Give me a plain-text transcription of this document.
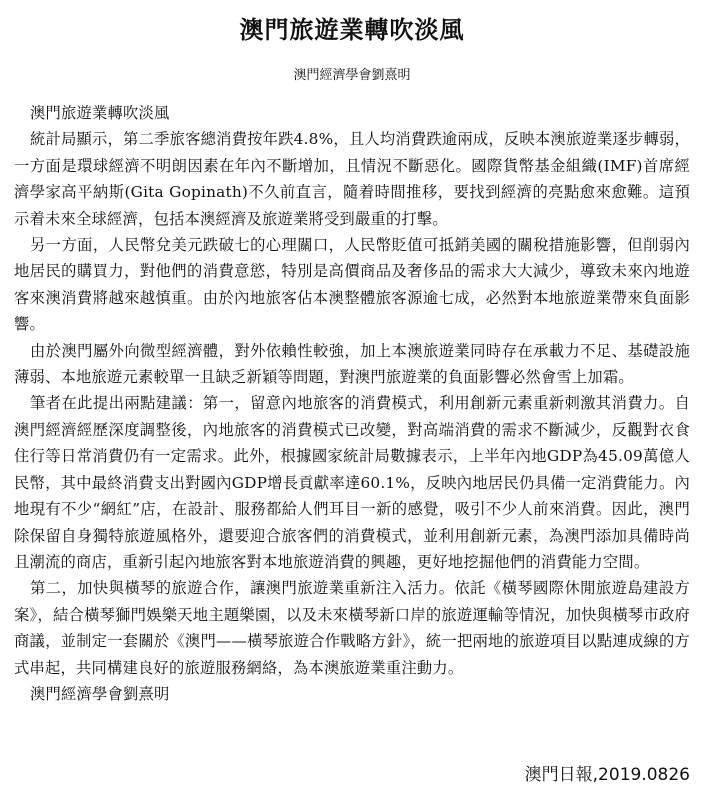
澳門旅遊業轉吹淡風
澳門經濟學會劉熹明

澳門旅遊業轉吹淡風

統計局顯示，第二季旅客總消費按年跌4.8%，且人均消費跌逾兩成，反映本澳旅遊業逐步轉弱，一方面是環球經濟不明朗因素在年內不斷增加，且情況不斷惡化。國際貨幣基金組織(IMF)首席經濟學家高平納斯(Gita Gopinath)不久前直言，隨着時間推移，要找到經濟的亮點愈來愈難。這預示着未來全球經濟，包括本澳經濟及旅遊業將受到嚴重的打擊。

另一方面，人民幣兌美元跌破七的心理關口，人民幣貶值可抵銷美國的關稅措施影響，但削弱內地居民的購買力，對他們的消費意慾，特別是高價商品及奢侈品的需求大大減少，導致未來內地遊客來澳消費將越來越慎重。由於內地旅客佔本澳整體旅客源逾七成，必然對本地旅遊業帶來負面影響。

由於澳門屬外向微型經濟體，對外依賴性較強，加上本澳旅遊業同時存在承載力不足、基礎設施薄弱、本地旅遊元素較單一且缺乏新穎等問題，對澳門旅遊業的負面影響必然會雪上加霜。

筆者在此提出兩點建議：第一，留意內地旅客的消費模式，利用創新元素重新刺激其消費力。自澳門經濟經歷深度調整後，內地旅客的消費模式已改變，對高端消費的需求不斷減少，反觀對衣食住行等日常消費仍有一定需求。此外，根據國家統計局數據表示，上半年內地GDP為45.09萬億人民幣，其中最終消費支出對國內GDP增長貢獻率達60.1%，反映內地居民仍具備一定消費能力。內地現有不少“網紅”店，在設計、服務都給人們耳目一新的感覺，吸引不少人前來消費。因此，澳門除保留自身獨特旅遊風格外，還要迎合旅客們的消費模式，並利用創新元素，為澳門添加具備時尚且潮流的商店，重新引起內地旅客對本地旅遊消費的興趣，更好地挖掘他們的消費能力空間。

第二，加快與橫琴的旅遊合作，讓澳門旅遊業重新注入活力。依託《橫琴國際休閒旅遊島建設方案》，結合橫琴獅門娛樂天地主題樂園，以及未來橫琴新口岸的旅遊運輸等情況，加快與橫琴市政府商議，並制定一套關於《澳門——橫琴旅遊合作戰略方針》，統一把兩地的旅遊項目以點連成線的方式串起，共同構建良好的旅遊服務網絡，為本澳旅遊業重注動力。

澳門經濟學會劉熹明

澳門日報,2019.0826
